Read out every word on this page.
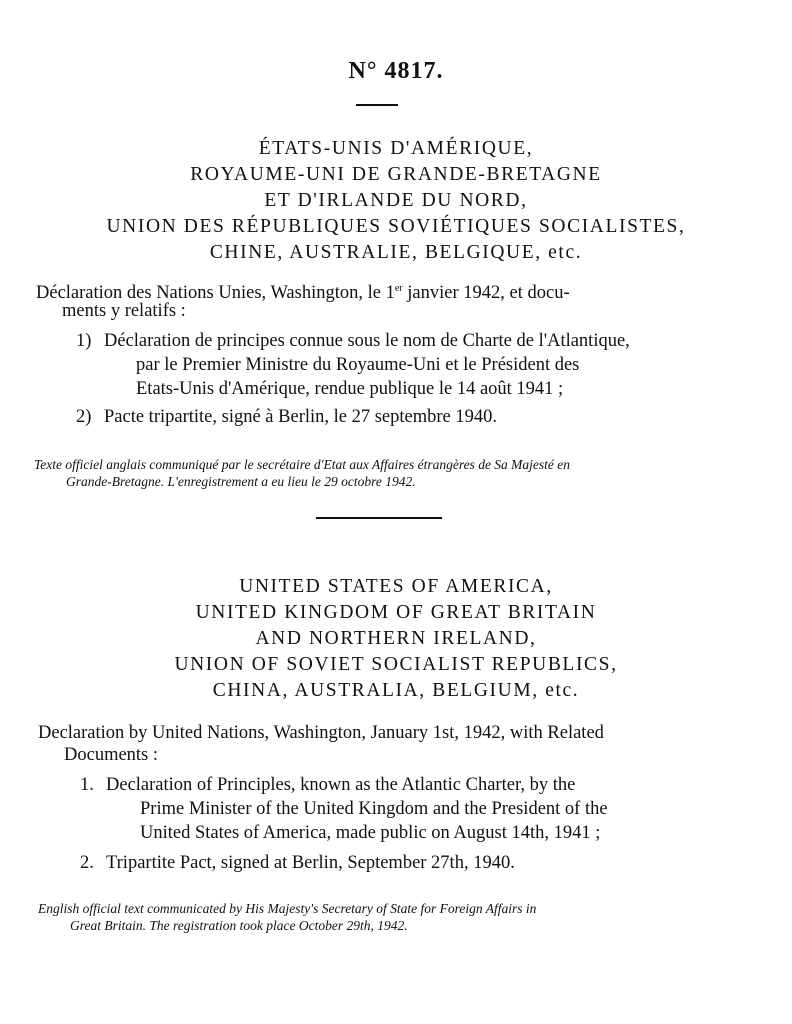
N° 4817.
ÉTATS-UNIS D'AMÉRIQUE,
ROYAUME-UNI DE GRANDE-BRETAGNE
ET D'IRLANDE DU NORD,
UNION DES RÉPUBLIQUES SOVIÉTIQUES SOCIALISTES,
CHINE, AUSTRALIE, BELGIQUE, etc.
Déclaration des Nations Unies, Washington, le 1er janvier 1942, et docu-
ments y relatifs :
1) Déclaration de principes connue sous le nom de Charte de l'Atlantique,
par le Premier Ministre du Royaume-Uni et le Président des
Etats-Unis d'Amérique, rendue publique le 14 août 1941 ;
2) Pacte tripartite, signé à Berlin, le 27 septembre 1940.
Texte officiel anglais communiqué par le secrétaire d'Etat aux Affaires étrangères de Sa Majesté en
Grande-Bretagne. L'enregistrement a eu lieu le 29 octobre 1942.
UNITED STATES OF AMERICA,
UNITED KINGDOM OF GREAT BRITAIN
AND NORTHERN IRELAND,
UNION OF SOVIET SOCIALIST REPUBLICS,
CHINA, AUSTRALIA, BELGIUM, etc.
Declaration by United Nations, Washington, January 1st, 1942, with Related
Documents :
1. Declaration of Principles, known as the Atlantic Charter, by the
Prime Minister of the United Kingdom and the President of the
United States of America, made public on August 14th, 1941 ;
2. Tripartite Pact, signed at Berlin, September 27th, 1940.
English official text communicated by His Majesty's Secretary of State for Foreign Affairs in
Great Britain. The registration took place October 29th, 1942.
